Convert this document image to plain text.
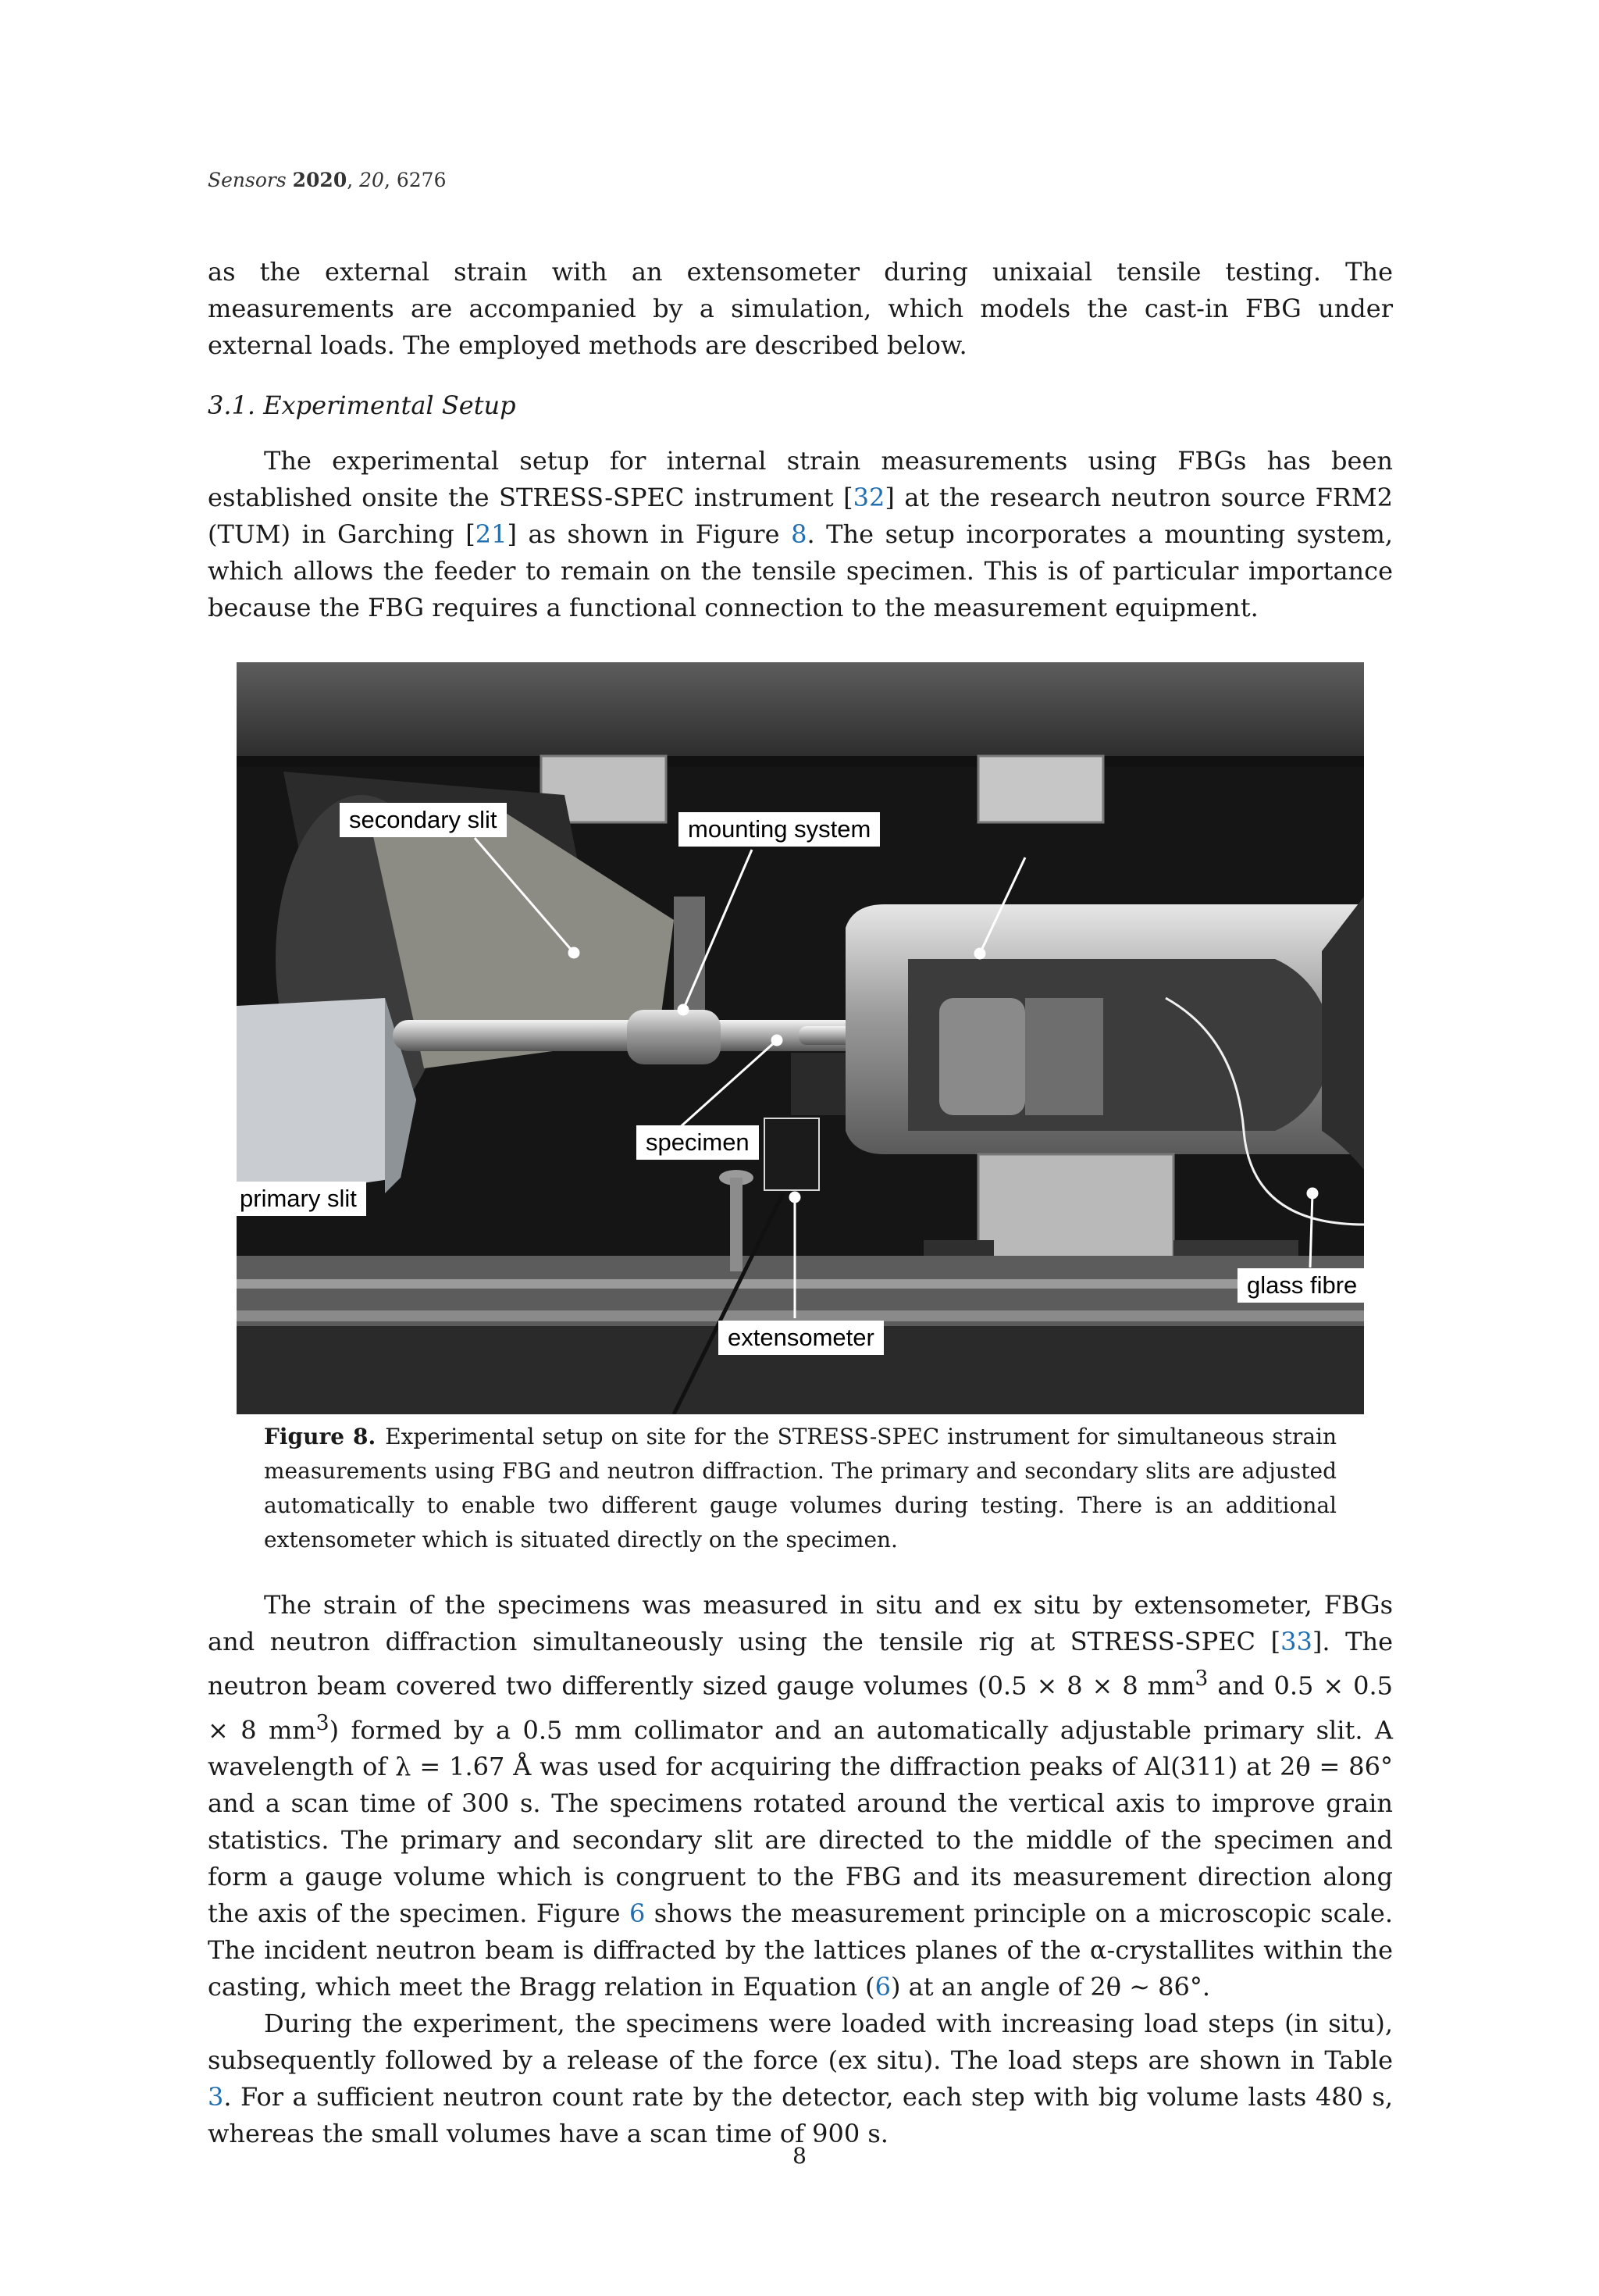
Sensors 2020, 20, 6276

as the external strain with an extensometer during unixaial tensile testing. The measurements are accompanied by a simulation, which models the cast-in FBG under external loads. The employed methods are described below.

3.1. Experimental Setup

The experimental setup for internal strain measurements using FBGs has been established onsite the STRESS-SPEC instrument [32] at the research neutron source FRM2 (TUM) in Garching [21] as shown in Figure 8. The setup incorporates a mounting system, which allows the feeder to remain on the tensile specimen. This is of particular importance because the FBG requires a functional connection to the measurement equipment.

secondary slit	mounting system
specimen
primary slit
glass fibre
extensometer

Figure 8. Experimental setup on site for the STRESS-SPEC instrument for simultaneous strain measurements using FBG and neutron diffraction. The primary and secondary slits are adjusted automatically to enable two different gauge volumes during testing. There is an additional extensometer which is situated directly on the specimen.

The strain of the specimens was measured in situ and ex situ by extensometer, FBGs and neutron diffraction simultaneously using the tensile rig at STRESS-SPEC [33]. The neutron beam covered two differently sized gauge volumes (0.5 × 8 × 8 $mm^3$ and 0.5 × 0.5 × 8 $mm^3$) formed by a 0.5 mm collimator and an automatically adjustable primary slit. A wavelength of λ = 1.67 Å was used for acquiring the diffraction peaks of Al(311) at 2θ = 86° and a scan time of 300 s. The specimens rotated around the vertical axis to improve grain statistics. The primary and secondary slit are directed to the middle of the specimen and form a gauge volume which is congruent to the FBG and its measurement direction along the axis of the specimen. Figure 6 shows the measurement principle on a microscopic scale. The incident neutron beam is diffracted by the lattices planes of the α-crystallites within the casting, which meet the Bragg relation in Equation (6) at an angle of 2θ ∼ 86°.
During the experiment, the specimens were loaded with increasing load steps (in situ), subsequently followed by a release of the force (ex situ). The load steps are shown in Table 3. For a sufficient neutron count rate by the detector, each step with big volume lasts 480 s, whereas the small volumes have a scan time of 900 s.

8
